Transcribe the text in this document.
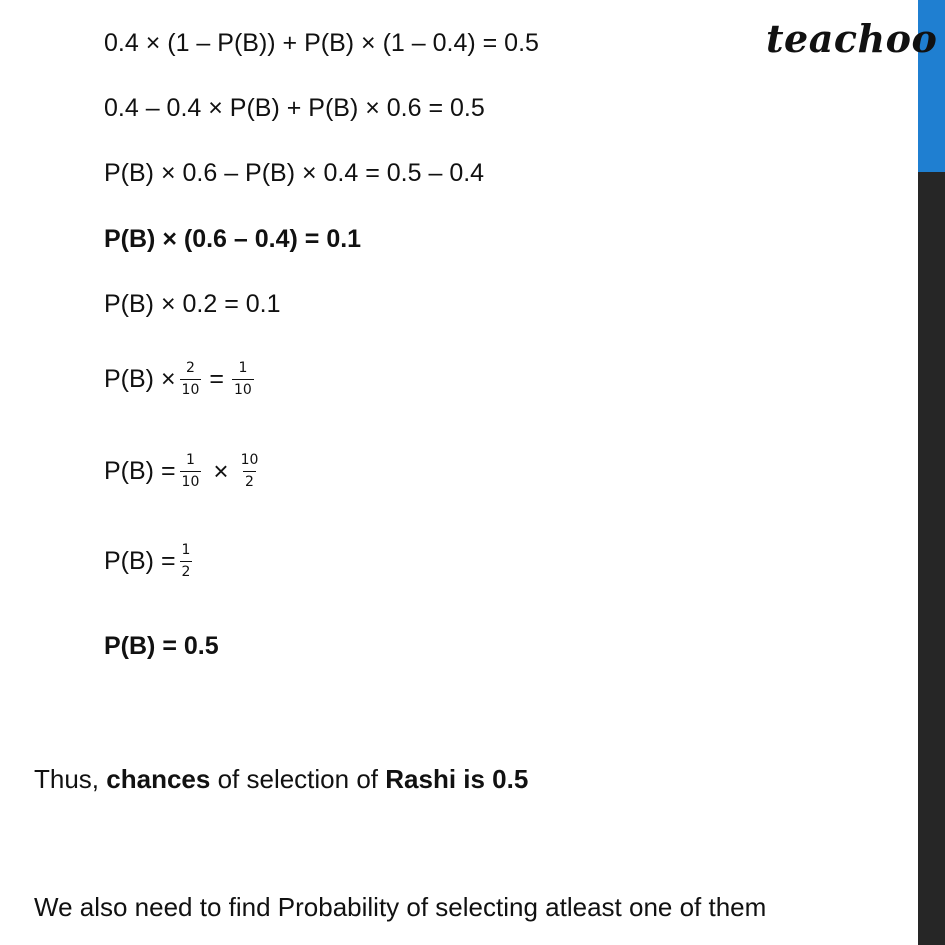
teachoo
0.4 × (1 – P(B)) + P(B) × (1 – 0.4) = 0.5
0.4 – 0.4 × P(B) + P(B) × 0.6 = 0.5
P(B) × 0.6 – P(B) × 0.4 = 0.5 – 0.4
P(B) × (0.6 – 0.4) = 0.1
P(B) × 0.2 = 0.1
$P(B) \times \frac{2}{10} = \frac{1}{10}$
$P(B) = \frac{1}{10} \times \frac{10}{2}$
$P(B) = \frac{1}{2}$
P(B) = 0.5
Thus, chances of selection of Rashi is 0.5
We also need to find Probability of selecting atleast one of them
